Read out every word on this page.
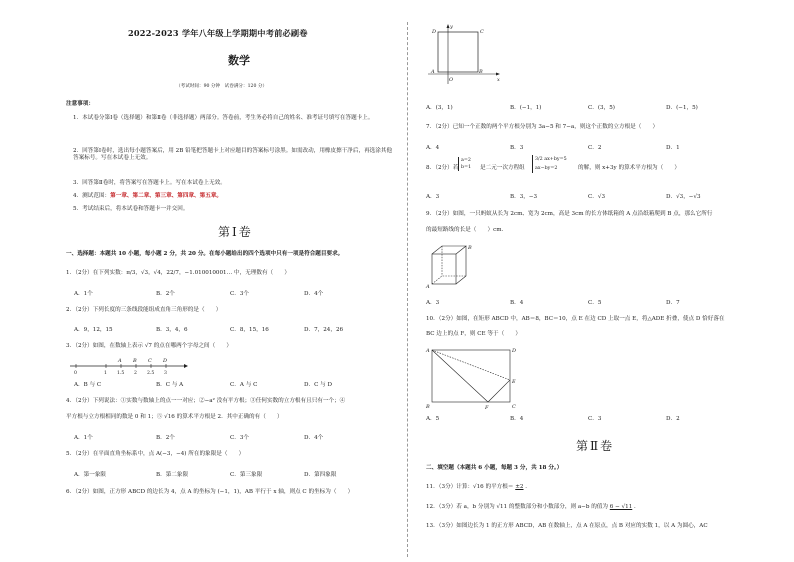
2022-2023 学年八年级上学期期中考前必刷卷
数学
（考试时间：90 分钟　试卷满分：120 分）
注意事项：
1．本试卷分第Ⅰ卷（选择题）和第Ⅱ卷（非选择题）两部分。答卷前，考生务必将自己的姓名、准考证号填写在答题卡上。
2．回答第Ⅰ卷时，选出每小题答案后，用 2B 铅笔把答题卡上对应题目的答案标号涂黑。如需改动，用橡皮擦干净后，再选涂其他答案标号。写在本试卷上无效。
3．回答第Ⅱ卷时，将答案写在答题卡上。写在本试卷上无效。
4．测试范围：第一章、第二章、第三章、第四章、第五章。
5．考试结束后，将本试卷和答题卡一并交回。
第Ⅰ卷
一、选择题：本题共 10 小题，每小题 2 分，共 20 分。在每小题给出的四个选项中只有一项是符合题目要求。
1．（2分）在下列实数：π/3，√3，√4，22/7，−1.010010001… 中，无理数有（　　）
A．1个	B．2个	C．3个	D．4个
2．（2分）下列长度的三条线段能组成直角三角形的是（　　）
A．9，12，15	B．3，4，6	C．8，15，16	D．7，24，26
3．（2分）如图，在数轴上表示 √7 的点在哪两个字母之间（　　）
A B C D
0	1 1.5 2 2.5 3
A．B 与 C	B．C 与 A	C．A 与 C	D．C 与 D
4．（2分）下列说法：①实数与数轴上的点一一对应；②−a² 没有平方根；③任何实数的立方根有且只有一个；④
平方根与立方根相同的数是 0 和 1；⑤ √16 的算术平方根是 2．其中正确的有（　　）
A．1个	B．2个	C．3个	D．4个
5．（2分）在平面直角坐标系中，点 A(−3，−4) 所在的象限是（　　）
A．第一象限	B．第二象限	C．第三象限	D．第四象限
6．（2分）如图，正方形 ABCD 的边长为 4，点 A 的坐标为 (−1，1)，AB 平行于 x 轴，则点 C 的坐标为（　　）
y
D	C
A	B
O	x
A．(3，1)	B．(−1，1)	C．(3，5)	D．(−1，5)
7．（2分）已知一个正数的两个平方根分别为 3a−5 和 7−a，则这个正数的立方根是（　　）
A．4	B．3	C．2	D．1
8．（2分）若
a=2
b=1 是二元一次方程组
3/2 ax+by=5
ax−by=2	的解，则 x+3y 的算术平方根为（　　）
A．3	B．3，−3	C．√3	D．√3，−√3
9．（2分）如图，一只蚂蚁从长为 2cm、宽为 2cm，高是 3cm 的长方体纸箱的 A 点沿纸箱爬到 B 点，那么它所行
的最短路线的长是（　　）cm．
B
A
A．3	B．4	C．5	D．7
10．（2分）如图，在矩形 ABCD 中，AB＝8，BC＝10，点 E 在边 CD 上取一点 E，将△ADE 折叠，使点 D 恰好落在
BC 边上的点 F，则 CE 等于（　　）
A	D
E
B	F	C
A．5	B．4	C．3	D．2
第Ⅱ卷
二、填空题（本题共 6 小题，每题 3 分，共 18 分。）
11．（3分）计算：√16 的平方根＝ ±2 ．
12．（3分）若 a，b 分别为 √11 的整数部分和小数部分，则 a−b 的值为 6 − √11 ．
13．（3分）如图边长为 1 的正方形 ABCD，AB 在数轴上，点 A 在原点，点 B 对应的实数 1，以 A 为圆心，AC
